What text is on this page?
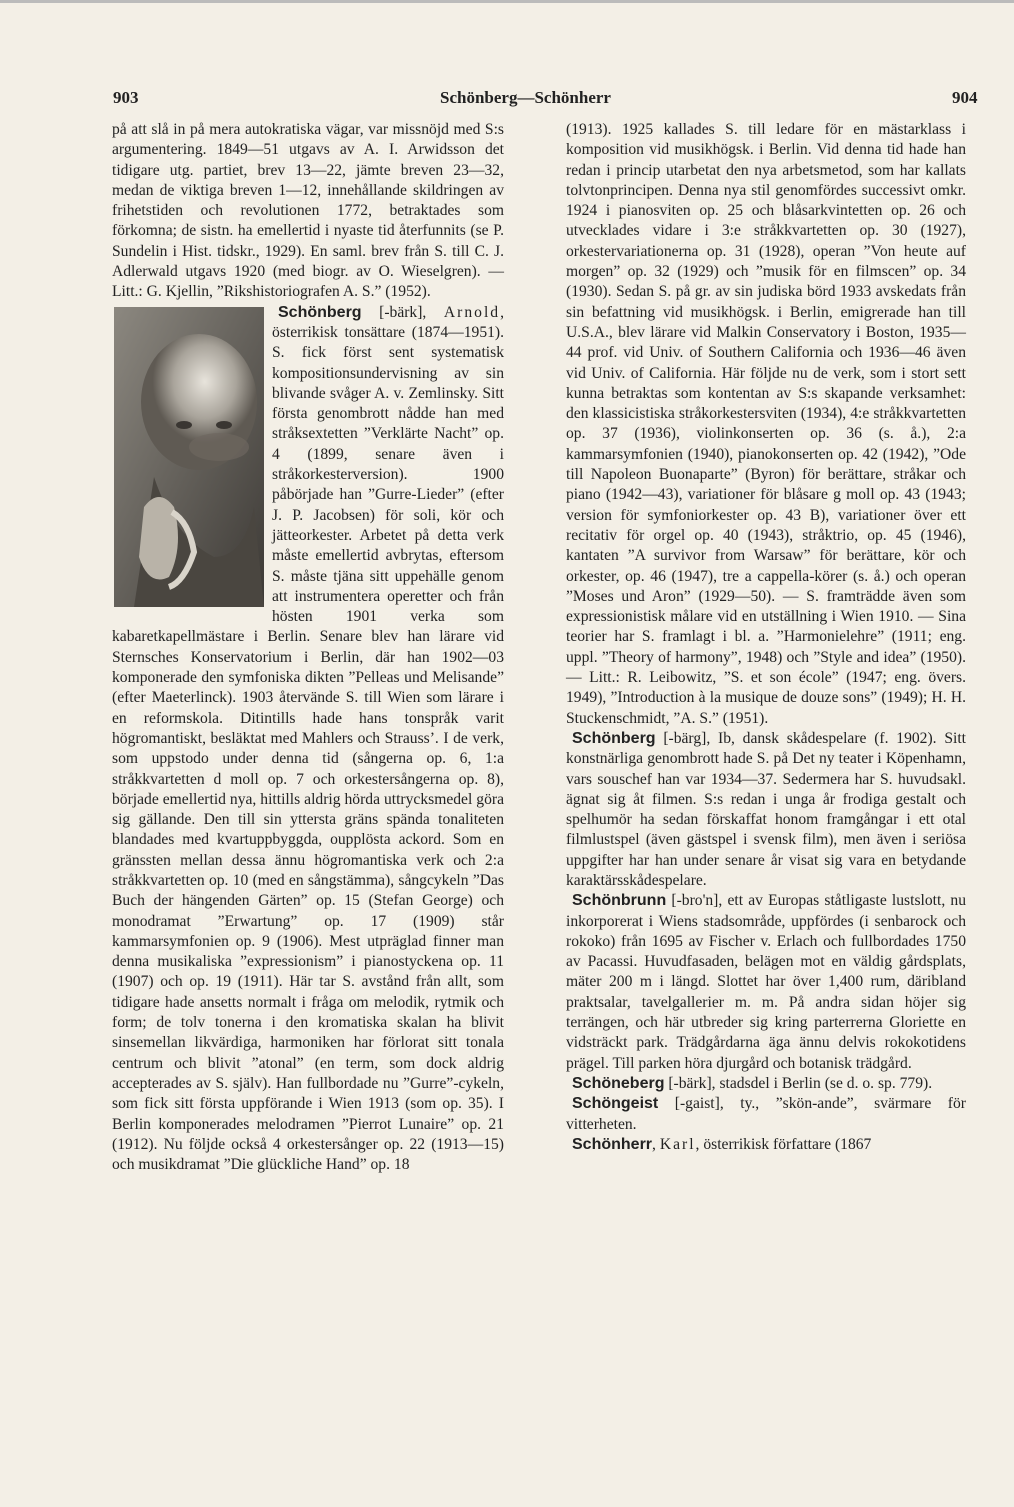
903	Schönberg—Schönherr	904

på att slå in på mera autokratiska vägar, var missnöjd med S:s argumentering. 1849—51 utgavs av A. I. Arwidsson det tidigare utg. partiet, brev 13—22, jämte breven 23—32, medan de viktiga breven 1—12, innehållande skildringen av frihetstiden och revolutionen 1772, betraktades som förkomna; de sistn. ha emellertid i nyaste tid återfunnits (se P. Sundelin i Hist. tidskr., 1929). En saml. brev från S. till C. J. Adlerwald utgavs 1920 (med biogr. av O. Wieselgren). — Litt.: G. Kjellin, ”Rikshistoriografen A. S.” (1952).

Schönberg [-bärk], Arnold
, österrikisk tonsättare (1874—1951). S. fick först sent systematisk kompositionsundervisning av sin blivande svåger A. v. Zemlinsky. Sitt första genombrott nådde han med stråksextetten ”Verklärte Nacht” op. 4 (1899, senare även i stråkorkesterversion). 1900 påbörjade han ”Gurre-Lieder” (efter J. P. Jacobsen) för soli, kör och jätteorkester. Arbetet på detta verk måste emellertid avbrytas, eftersom S. måste tjäna sitt uppehälle genom att instrumentera operetter och från hösten 1901 verka som kabaretkapellmästare i Berlin. Senare blev han lärare vid Sternsches Konservatorium i Berlin, där han 1902—03 komponerade den symfoniska dikten ”Pelleas und Melisande” (efter Maeterlinck). 1903 återvände S. till Wien som lärare i en reformskola. Ditintills hade hans tonspråk varit högromantiskt, besläktat med Mahlers och Strauss’. I de verk, som uppstodo under denna tid (sångerna op. 6, 1:a stråkkvartetten d moll op. 7 och orkestersångerna op. 8), började emellertid nya, hittills aldrig hörda uttrycksmedel göra sig gällande. Den till sin yttersta gräns spända tonaliteten blandades med kvartuppbyggda, oupplösta ackord. Som en gränssten mellan dessa ännu högromantiska verk och 2:a stråkkvartetten op. 10 (med en sångstämma), sångcykeln ”Das Buch der hängenden Gärten” op. 15 (Stefan George) och monodramat ”Erwartung” op. 17 (1909) står kammarsymfonien op. 9 (1906). Mest utpräglad finner man denna musikaliska ”expressionism” i pianostyckena op. 11 (1907) och op. 19 (1911). Här tar S. avstånd från allt, som tidigare hade ansetts normalt i fråga om melodik, rytmik och form; de tolv tonerna i den kromatiska skalan ha blivit sinsemellan likvärdiga, harmoniken har förlorat sitt tonala centrum och blivit ”atonal” (en term, som dock aldrig accepterades av S. själv). Han fullbordade nu ”Gurre”-cykeln, som fick sitt första uppförande i Wien 1913 (som op. 35). I Berlin komponerades melodramen ”Pierrot Lunaire” op. 21 (1912). Nu följde också 4 orkestersånger op. 22 (1913—15) och musikdramat ”Die glückliche Hand” op. 18

(1913). 1925 kallades S. till ledare för en mästarklass i komposition vid musikhögsk. i Berlin. Vid denna tid hade han redan i princip utarbetat den nya arbetsmetod, som har kallats tolvtonprincipen. Denna nya stil genomfördes successivt omkr. 1924 i pianosviten op. 25 och blåsarkvintetten op. 26 och utvecklades vidare i 3:e stråkkvartetten op. 30 (1927), orkestervariationerna op. 31 (1928), operan ”Von heute auf morgen” op. 32 (1929) och ”musik för en filmscen” op. 34 (1930). Sedan S. på gr. av sin judiska börd 1933 avskedats från sin befattning vid musikhögsk. i Berlin, emigrerade han till U.S.A., blev lärare vid Malkin Conservatory i Boston, 1935—44 prof. vid Univ. of Southern California och 1936—46 även vid Univ. of California. Här följde nu de verk, som i stort sett kunna betraktas som kontentan av S:s skapande verksamhet: den klassicistiska stråkorkestersviten (1934), 4:e stråkkvartetten op. 37 (1936), violinkonserten op. 36 (s. å.), 2:a kammarsymfonien (1940), pianokonserten op. 42 (1942), ”Ode till Napoleon Buonaparte” (Byron) för berättare, stråkar och piano (1942—43), variationer för blåsare g moll op. 43 (1943; version för symfoniorkester op. 43 B), variationer över ett recitativ för orgel op. 40 (1943), stråktrio, op. 45 (1946), kantaten ”A survivor from Warsaw” för berättare, kör och orkester, op. 46 (1947), tre a cappella-körer (s. å.) och operan ”Moses und Aron” (1929—50). — S. framträdde även som expressionistisk målare vid en utställning i Wien 1910. — Sina teorier har S. framlagt i bl. a. ”Harmonielehre” (1911; eng. uppl. ”Theory of harmony”, 1948) och ”Style and idea” (1950). — Litt.: R. Leibowitz, ”S. et son école” (1947; eng. övers. 1949), ”Introduction à la musique de douze sons” (1949); H. H. Stuckenschmidt, ”A. S.” (1951).

Schönberg [-bärg], Ib, dansk skådespelare (f. 1902). Sitt konstnärliga genombrott hade S. på Det ny teater i Köpenhamn, vars souschef han var 1934—37. Sedermera har S. huvudsakl. ägnat sig åt filmen. S:s redan i unga år frodiga gestalt och spelhumör ha sedan förskaffat honom framgångar i ett otal filmlustspel (även gästspel i svensk film), men även i seriösa uppgifter har han under senare år visat sig vara en betydande karaktärsskådespelare.

Schönbrunn [-bro'n], ett av Europas ståtligaste lustslott, nu inkorporerat i Wiens stadsområde, uppfördes (i senbarock och rokoko) från 1695 av Fischer v. Erlach och fullbordades 1750 av Pacassi. Huvudfasaden, belägen mot en väldig gårdsplats, mäter 200 m i längd. Slottet har över 1,400 rum, däribland praktsalar, tavelgallerier m. m. På andra sidan höjer sig terrängen, och här utbreder sig kring parterrerna Gloriette en vidsträckt park. Trädgårdarna äga ännu delvis rokokotidens prägel. Till parken höra djurgård och botanisk trädgård.

Schöneberg [-bärk], stadsdel i Berlin (se d. o. sp. 779).

Schöngeist [-gaist], ty., ”skön-ande”, svärmare för vitterheten.

Schönherr, Karl, österrikisk författare (1867
